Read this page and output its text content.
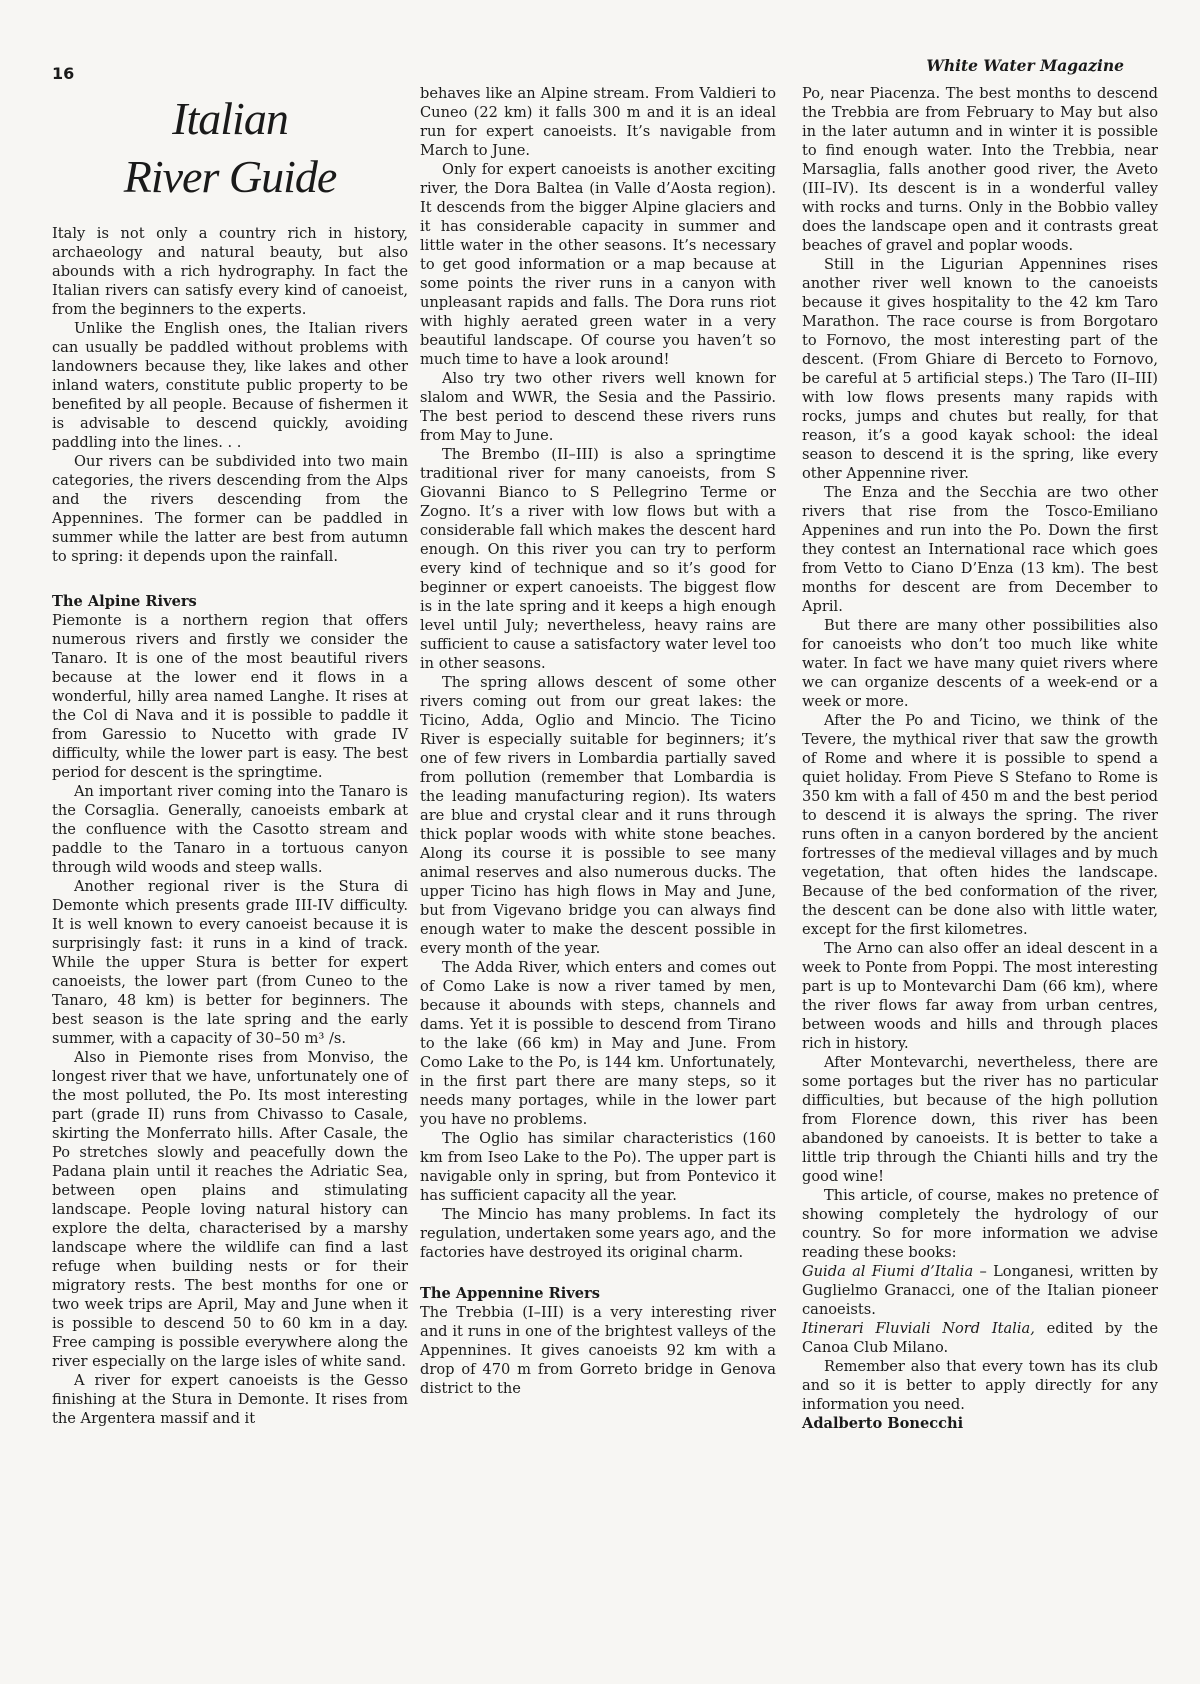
16	White Water Magazine
Italian
River Guide

Italy is not only a country rich in history, archaeology and natural beauty, but also abounds with a rich hydrography. In fact the Italian rivers can satisfy every kind of canoeist, from the beginners to the experts.

Unlike the English ones, the Italian rivers can usually be paddled without problems with landowners because they, like lakes and other inland waters, constitute public property to be benefited by all people. Because of fishermen it is advisable to descend quickly, avoiding paddling into the lines. . .

Our rivers can be subdivided into two main categories, the rivers descending from the Alps and the rivers descending from the Appennines. The former can be paddled in summer while the latter are best from autumn to spring: it depends upon the rainfall.

The Alpine Rivers

Piemonte is a northern region that offers numerous rivers and firstly we consider the Tanaro. It is one of the most beautiful rivers because at the lower end it flows in a wonderful, hilly area named Langhe. It rises at the Col di Nava and it is possible to paddle it from Garessio to Nucetto with grade IV difficulty, while the lower part is easy. The best period for descent is the springtime.

An important river coming into the Tanaro is the Corsaglia. Generally, canoeists embark at the confluence with the Casotto stream and paddle to the Tanaro in a tortuous canyon through wild woods and steep walls.

Another regional river is the Stura di Demonte which presents grade III-IV difficulty. It is well known to every canoeist because it is surprisingly fast: it runs in a kind of track. While the upper Stura is better for expert canoeists, the lower part (from Cuneo to the Tanaro, 48 km) is better for beginners. The best season is the late spring and the early summer, with a capacity of 30–50 m³ /s.

Also in Piemonte rises from Monviso, the longest river that we have, unfortunately one of the most polluted, the Po. Its most interesting part (grade II) runs from Chivasso to Casale, skirting the Monferrato hills. After Casale, the Po stretches slowly and peacefully down the Padana plain until it reaches the Adriatic Sea, between open plains and stimulating landscape. People loving natural history can explore the delta, characterised by a marshy landscape where the wildlife can find a last refuge when building nests or for their migratory rests. The best months for one or two week trips are April, May and June when it is possible to descend 50 to 60 km in a day. Free camping is possible everywhere along the river especially on the large isles of white sand.

A river for expert canoeists is the Gesso finishing at the Stura in Demonte. It rises from the Argentera massif and it

behaves like an Alpine stream. From Valdieri to Cuneo (22 km) it falls 300 m and it is an ideal run for expert canoeists. It’s navigable from March to June.

Only for expert canoeists is another exciting river, the Dora Baltea (in Valle d’Aosta region). It descends from the bigger Alpine glaciers and it has considerable capacity in summer and little water in the other seasons. It’s necessary to get good information or a map because at some points the river runs in a canyon with unpleasant rapids and falls. The Dora runs riot with highly aerated green water in a very beautiful landscape. Of course you haven’t so much time to have a look around!

Also try two other rivers well known for slalom and WWR, the Sesia and the Passirio. The best period to descend these rivers runs from May to June.

The Brembo (II–III) is also a springtime traditional river for many canoeists, from S Giovanni Bianco to S Pellegrino Terme or Zogno. It’s a river with low flows but with a considerable fall which makes the descent hard enough. On this river you can try to perform every kind of technique and so it’s good for beginner or expert canoeists. The biggest flow is in the late spring and it keeps a high enough level until July; nevertheless, heavy rains are sufficient to cause a satisfactory water level too in other seasons.

The spring allows descent of some other rivers coming out from our great lakes: the Ticino, Adda, Oglio and Mincio. The Ticino River is especially suitable for beginners; it’s one of few rivers in Lombardia partially saved from pollution (remember that Lombardia is the leading manufacturing region). Its waters are blue and crystal clear and it runs through thick poplar woods with white stone beaches. Along its course it is possible to see many animal reserves and also numerous ducks. The upper Ticino has high flows in May and June, but from Vigevano bridge you can always find enough water to make the descent possible in every month of the year.

The Adda River, which enters and comes out of Como Lake is now a river tamed by men, because it abounds with steps, channels and dams. Yet it is possible to descend from Tirano to the lake (66 km) in May and June. From Como Lake to the Po, is 144 km. Unfortunately, in the first part there are many steps, so it needs many portages, while in the lower part you have no problems.

The Oglio has similar characteristics (160 km from Iseo Lake to the Po). The upper part is navigable only in spring, but from Pontevico it has sufficient capacity all the year.

The Mincio has many problems. In fact its regulation, undertaken some years ago, and the factories have destroyed its original charm.

The Appennine Rivers

The Trebbia (I–III) is a very interesting river and it runs in one of the brightest valleys of the Appennines. It gives canoeists 92 km with a drop of 470 m from Gorreto bridge in Genova district to the

Po, near Piacenza. The best months to descend the Trebbia are from February to May but also in the later autumn and in winter it is possible to find enough water. Into the Trebbia, near Marsaglia, falls another good river, the Aveto (III–IV). Its descent is in a wonderful valley with rocks and turns. Only in the Bobbio valley does the landscape open and it contrasts great beaches of gravel and poplar woods.

Still in the Ligurian Appennines rises another river well known to the canoeists because it gives hospitality to the 42 km Taro Marathon. The race course is from Borgotaro to Fornovo, the most interesting part of the descent. (From Ghiare di Berceto to Fornovo, be careful at 5 artificial steps.) The Taro (II–III) with low flows presents many rapids with rocks, jumps and chutes but really, for that reason, it’s a good kayak school: the ideal season to descend it is the spring, like every other Appennine river.

The Enza and the Secchia are two other rivers that rise from the Tosco-Emiliano Appenines and run into the Po. Down the first they contest an International race which goes from Vetto to Ciano D’Enza (13 km). The best months for descent are from December to April.

But there are many other possibilities also for canoeists who don’t too much like white water. In fact we have many quiet rivers where we can organize descents of a week-end or a week or more.

After the Po and Ticino, we think of the Tevere, the mythical river that saw the growth of Rome and where it is possible to spend a quiet holiday. From Pieve S Stefano to Rome is 350 km with a fall of 450 m and the best period to descend it is always the spring. The river runs often in a canyon bordered by the ancient fortresses of the medieval villages and by much vegetation, that often hides the landscape. Because of the bed conformation of the river, the descent can be done also with little water, except for the first kilometres.

The Arno can also offer an ideal descent in a week to Ponte from Poppi. The most interesting part is up to Montevarchi Dam (66 km), where the river flows far away from urban centres, between woods and hills and through places rich in history.

After Montevarchi, nevertheless, there are some portages but the river has no particular difficulties, but because of the high pollution from Florence down, this river has been abandoned by canoeists. It is better to take a little trip through the Chianti hills and try the good wine!

This article, of course, makes no pretence of showing completely the hydrology of our country. So for more information we advise reading these books:

Guida al Fiumi d’Italia – Longanesi, written by Guglielmo Granacci, one of the Italian pioneer canoeists.

Itinerari Fluviali Nord Italia, edited by the Canoa Club Milano.

Remember also that every town has its club and so it is better to apply directly for any information you need.

Adalberto Bonecchi
